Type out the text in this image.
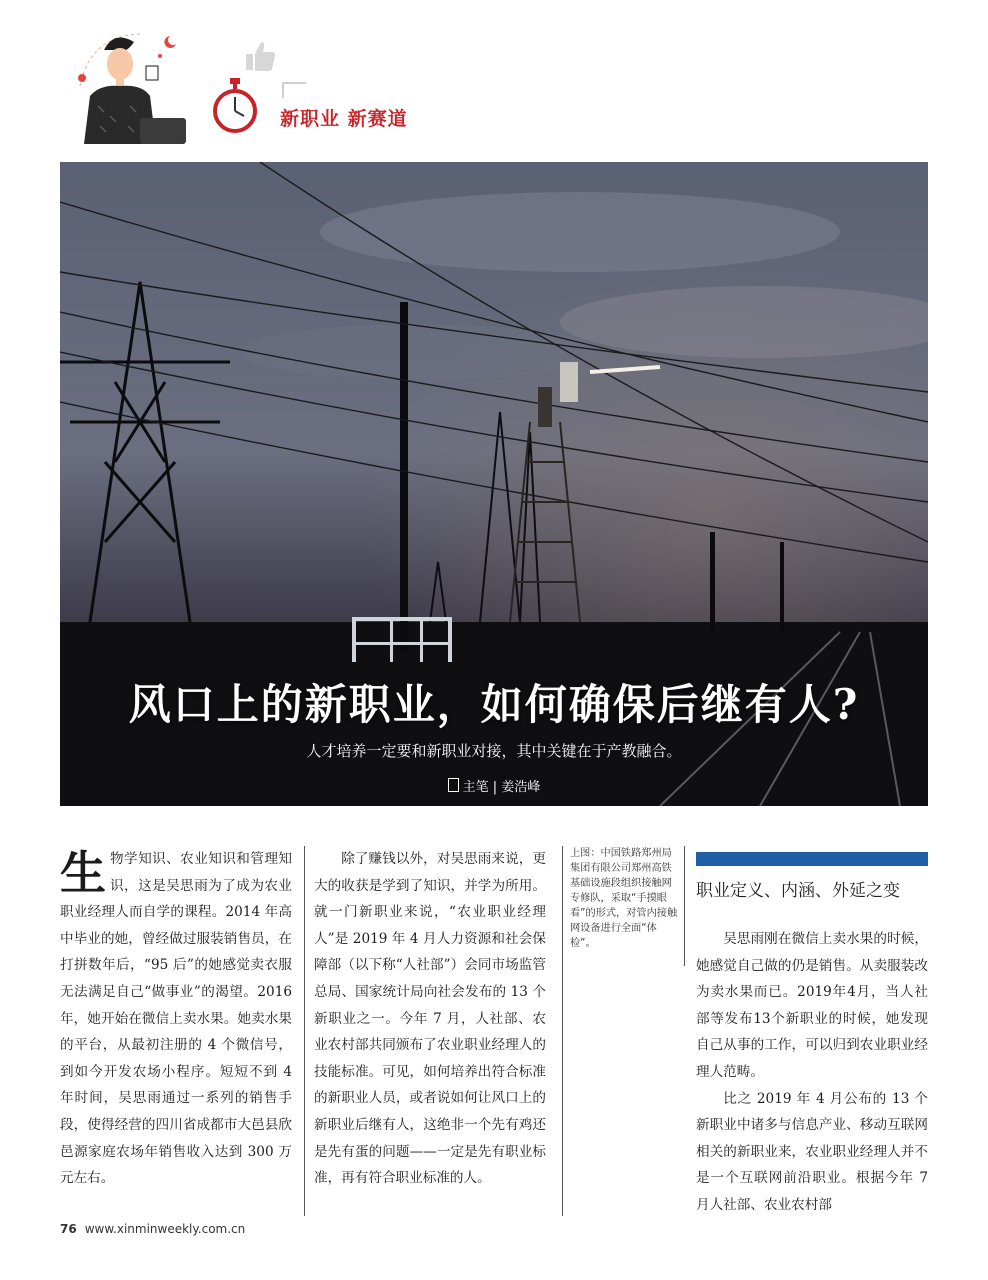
新职业 新赛道
风口上的新职业，如何确保后继有人?
人才培养一定要和新职业对接，其中关键在于产教融合。
主笔 | 姜浩峰

生物学知识、农业知识和管理知识，这是吴思雨为了成为农业职业经理人而自学的课程。2014 年高中毕业的她，曾经做过服装销售员，在打拼数年后，“95 后”的她感觉卖衣服无法满足自己“做事业”的渴望。2016 年，她开始在微信上卖水果。她卖水果的平台，从最初注册的 4 个微信号，到如今开发农场小程序。短短不到 4 年时间，吴思雨通过一系列的销售手段，使得经营的四川省成都市大邑县欣邑源家庭农场年销售收入达到 300 万元左右。

除了赚钱以外，对吴思雨来说，更大的收获是学到了知识，并学为所用。就一门新职业来说，“农业职业经理人”是 2019 年 4 月人力资源和社会保障部（以下称“人社部”）会同市场监管总局、国家统计局向社会发布的 13 个新职业之一。今年 7 月，人社部、农业农村部共同颁布了农业职业经理人的技能标准。可见，如何培养出符合标准的新职业人员，或者说如何让风口上的新职业后继有人，这绝非一个先有鸡还是先有蛋的问题——一定是先有职业标准，再有符合职业标准的人。

上图：中国铁路郑州局集团有限公司郑州高铁基础设施段组织接触网专修队，采取“手摸眼看”的形式，对管内接触网设备进行全面“体检”。

职业定义、内涵、外延之变

吴思雨刚在微信上卖水果的时候，她感觉自己做的仍是销售。从卖服装改为卖水果而已。2019年4月，当人社部等发布13个新职业的时候，她发现自己从事的工作，可以归到农业职业经理人范畴。

比之 2019 年 4 月公布的 13 个新职业中诸多与信息产业、移动互联网相关的新职业来，农业职业经理人并不是一个互联网前沿职业。根据今年 7 月人社部、农业农村部

76 www.xinminweekly.com.cn
